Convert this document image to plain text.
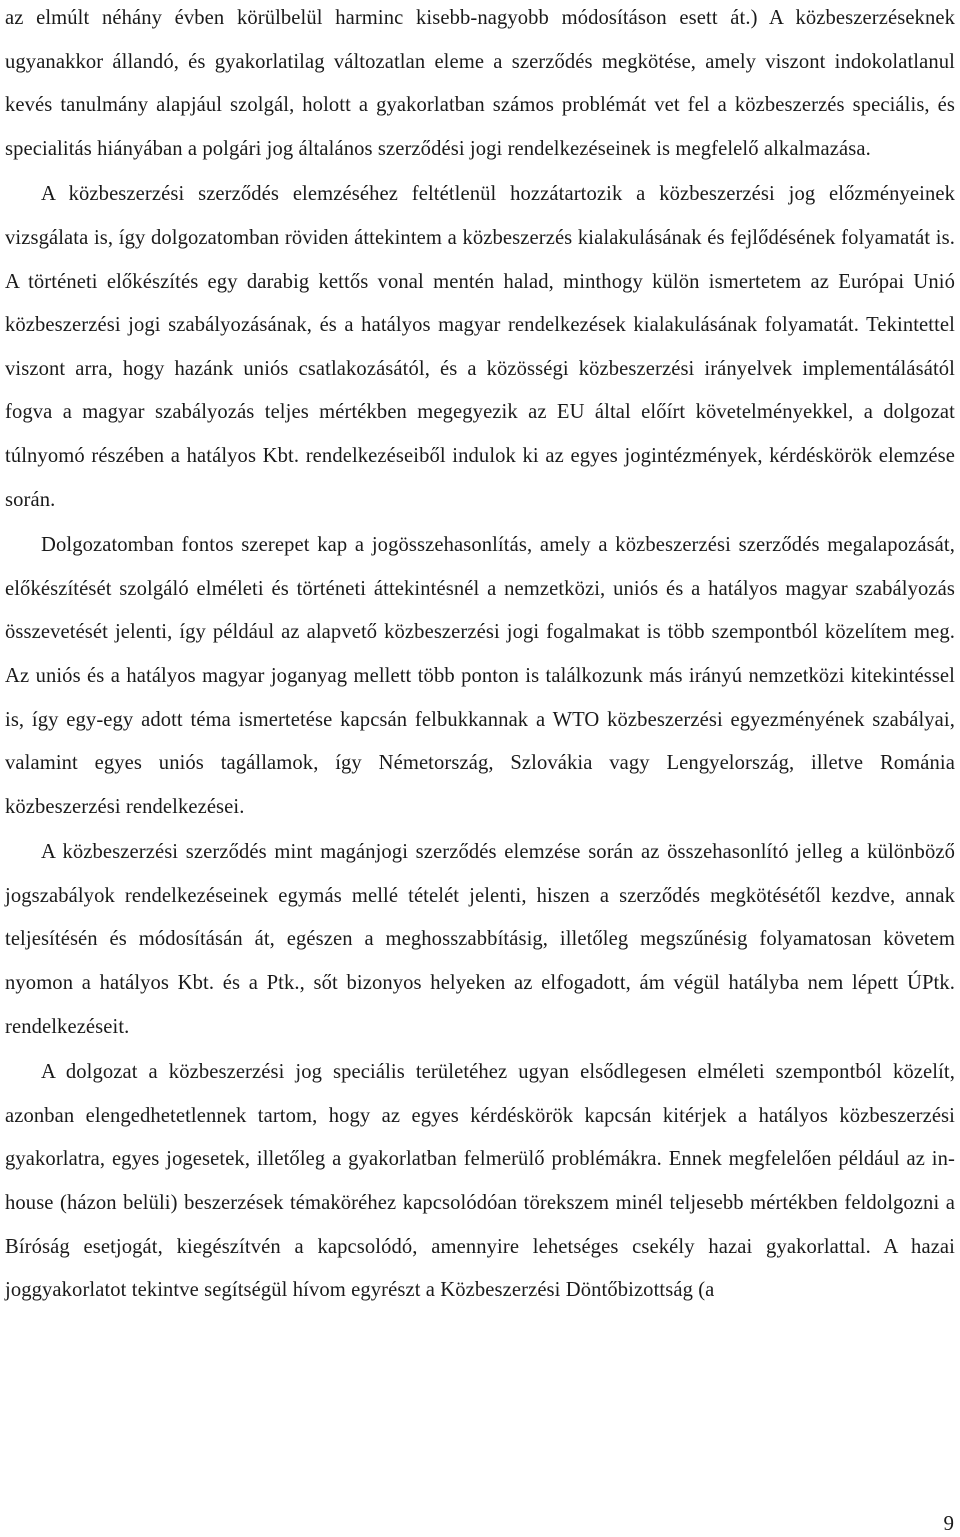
az elmúlt néhány évben körülbelül harminc kisebb-nagyobb módosításon esett át.) A közbeszerzéseknek ugyanakkor állandó, és gyakorlatilag változatlan eleme a szerződés megkötése, amely viszont indokolatlanul kevés tanulmány alapjául szolgál, holott a gyakorlatban számos problémát vet fel a közbeszerzés speciális, és specialitás hiányában a polgári jog általános szerződési jogi rendelkezéseinek is megfelelő alkalmazása.

A közbeszerzési szerződés elemzéséhez feltétlenül hozzátartozik a közbeszerzési jog előzményeinek vizsgálata is, így dolgozatomban röviden áttekintem a közbeszerzés kialakulásának és fejlődésének folyamatát is. A történeti előkészítés egy darabig kettős vonal mentén halad, minthogy külön ismertetem az Európai Unió közbeszerzési jogi szabályozásának, és a hatályos magyar rendelkezések kialakulásának folyamatát. Tekintettel viszont arra, hogy hazánk uniós csatlakozásától, és a közösségi közbeszerzési irányelvek implementálásától fogva a magyar szabályozás teljes mértékben megegyezik az EU által előírt követelményekkel, a dolgozat túlnyomó részében a hatályos Kbt. rendelkezéseiből indulok ki az egyes jogintézmények, kérdéskörök elemzése során.

Dolgozatomban fontos szerepet kap a jogösszehasonlítás, amely a közbeszerzési szerződés megalapozását, előkészítését szolgáló elméleti és történeti áttekintésnél a nemzetközi, uniós és a hatályos magyar szabályozás összevetését jelenti, így például az alapvető közbeszerzési jogi fogalmakat is több szempontból közelítem meg. Az uniós és a hatályos magyar joganyag mellett több ponton is találkozunk más irányú nemzetközi kitekintéssel is, így egy-egy adott téma ismertetése kapcsán felbukkannak a WTO közbeszerzési egyezményének szabályai, valamint egyes uniós tagállamok, így Németország, Szlovákia vagy Lengyelország, illetve Románia közbeszerzési rendelkezései.

A közbeszerzési szerződés mint magánjogi szerződés elemzése során az összehasonlító jelleg a különböző jogszabályok rendelkezéseinek egymás mellé tételét jelenti, hiszen a szerződés megkötésétől kezdve, annak teljesítésén és módosításán át, egészen a meghosszabbításig, illetőleg megszűnésig folyamatosan követem nyomon a hatályos Kbt. és a Ptk., sőt bizonyos helyeken az elfogadott, ám végül hatályba nem lépett ÚPtk. rendelkezéseit.

A dolgozat a közbeszerzési jog speciális területéhez ugyan elsődlegesen elméleti szempontból közelít, azonban elengedhetetlennek tartom, hogy az egyes kérdéskörök kapcsán kitérjek a hatályos közbeszerzési gyakorlatra, egyes jogesetek, illetőleg a gyakorlatban felmerülő problémákra. Ennek megfelelően például az in-house (házon belüli) beszerzések témaköréhez kapcsolódóan törekszem minél teljesebb mértékben feldolgozni a Bíróság esetjogát, kiegészítvén a kapcsolódó, amennyire lehetséges csekély hazai gyakorlattal. A hazai joggyakorlatot tekintve segítségül hívom egyrészt a Közbeszerzési Döntőbizottság (a

9
